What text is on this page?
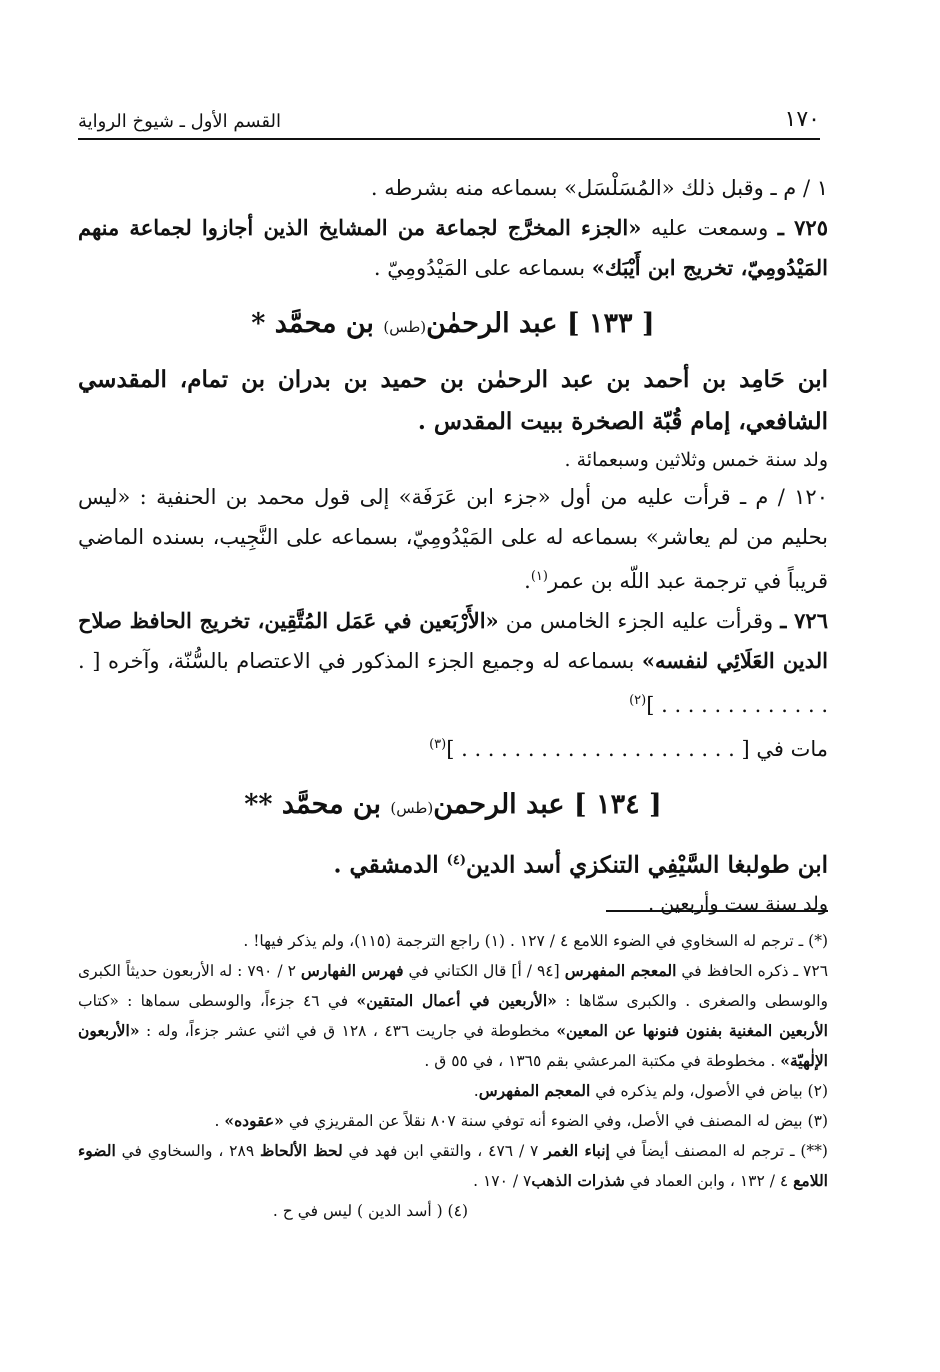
١٧٠
القسم الأول ـ شيوخ الرواية

١ / م ـ وقبل ذلك «المُسَلْسَل» بسماعه منه بشرطه .

٧٢٥ ـ وسمعت عليه «الجزء المخرَّج لجماعة من المشايخ الذين أجازوا لجماعة منهم المَيْدُومِيّ، تخريج ابن أَيْبَك» بسماعه على المَيْدُومِيّ .

[ ١٣٣ ] عبد الرحمٰن(طس) بن محمَّد *

ابن حَامِد بن أحمد بن عبد الرحمٰن بن حميد بن بدران بن تمام، المقدسي الشافعي، إمام قُبّة الصخرة ببيت المقدس .

ولد سنة خمس وثلاثين وسبعمائة .

١٢٠ / م ـ قرأت عليه من أول «جزء ابن عَرَفَة» إلى قول محمد بن الحنفية : «ليس بحليم من لم يعاشر» بسماعه له على المَيْدُومِيّ، بسماعه على النَّجِيب، بسنده الماضي قريباً في ترجمة عبد اللّه بن عمر$^{(١)}$.

٧٢٦ ـ وقرأت عليه الجزء الخامس من «الأَرْبَعين في عَمَل المُتَّقِين، تخريج الحافظ صلاح الدين العَلَائِي لنفسه» بسماعه له وجميع الجزء المذكور في الاعتصام بالسُّنّة، وآخره [ . . . . . . . . . . . . . . ]$^{(٢)}$

مات في [ . . . . . . . . . . . . . . . . . . . . . ]$^{(٣)}$

[ ١٣٤ ] عبد الرحمن(طس) بن محمَّد **

ابن طولبغا السَّيْفِي التنكزي أسد الدين$^{(٤)}$ الدمشقي .

ولد سنة ست وأربعين .

(*) ـ ترجم له السخاوي في الضوء اللامع ٤ / ١٢٧ . (١) راجع الترجمة (١١٥)، ولم يذكر فيها! .

٧٢٦ ـ ذكره الحافظ في المعجم المفهرس [٩٤ / أ] قال الكتاني في فهرس الفهارس ٢ / ٧٩٠ : له الأربعون حديثاً الكبرى والوسطى والصغرى . والكبرى سمّاها : «الأربعين في أعمال المتقين» في ٤٦ جزءاً، والوسطى سماها : «كتاب الأربعين المغنية بفنون فنونها عن المعين» مخطوطة في جاريت ٤٣٦ ، ١٢٨ ق في اثني عشر جزءاً، وله : «الأربعون الإلٰهيّة» . مخطوطة في مكتبة المرعشي بقم ١٣٦٥ ، في ٥٥ ق .

(٢) بياض في الأصول، ولم يذكره في المعجم المفهرس.

(٣) بيض له المصنف في الأصل، وفي الضوء أنه توفي سنة ٨٠٧ نقلاً عن المقريزي في «عقوده» .

(**) ـ ترجم له المصنف أيضاً في إنباء الغمر ٧ / ٤٧٦ ، والتقي ابن فهد في لحظ الألحاظ ٢٨٩ ، والسخاوي في الضوء اللامع ٤ / ١٣٢ ، وابن العماد في شذرات الذهب٧ / ١٧٠ .

(٤) ( أسد الدين ) ليس في ح .
